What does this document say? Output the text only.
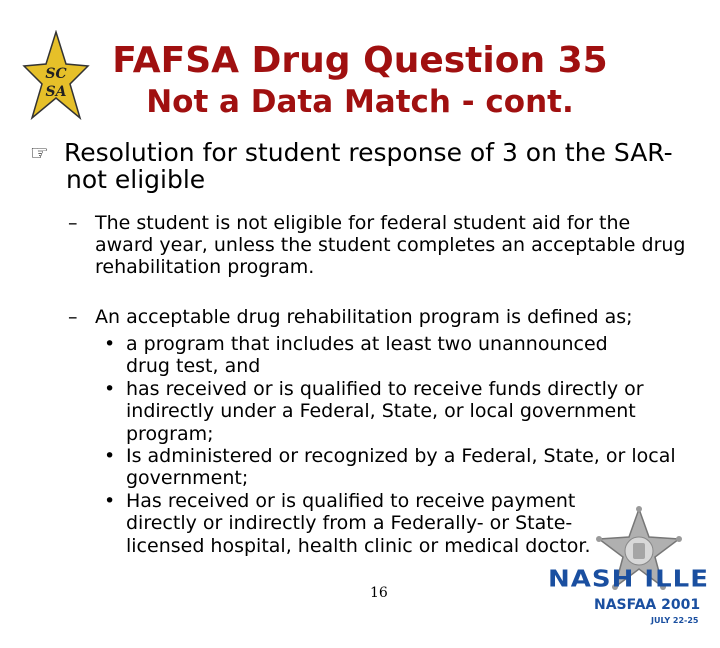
SC
SA
FAFSA Drug Question 35
Not a Data Match - cont.
☞ Resolution for student response of 3 on the SAR-
not eligible
– The student is not eligible for federal student aid for the award year, unless the student completes an acceptable drug rehabilitation program.
– An acceptable drug rehabilitation program is defined as;
• a program that includes at least two unannounced drug test, and
• has received or is qualified to receive funds directly or indirectly under a Federal, State, or local government program;
• Is administered or recognized by a Federal, State, or local government;
• Has received or is qualified to receive payment directly or indirectly from a Federally- or State-licensed hospital, health clinic or medical doctor.
16	NASH ILLE
NASFAA 2001
JULY 22-25
